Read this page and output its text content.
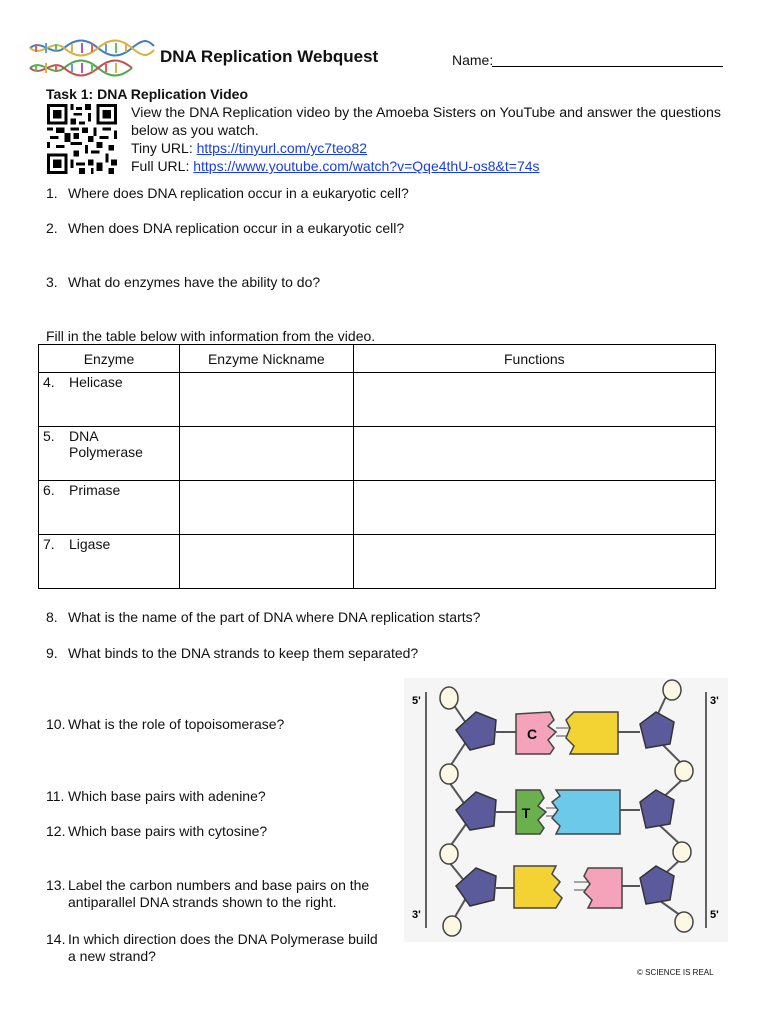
DNA Replication Webquest	Name:
Task 1: DNA Replication Video
View the DNA Replication video by the Amoeba Sisters on YouTube and answer the questions below as you watch.
Tiny URL: https://tinyurl.com/yc7teo82
Full URL: https://www.youtube.com/watch?v=Qqe4thU-os8&t=74s
1. Where does DNA replication occur in a eukaryotic cell?
2. When does DNA replication occur in a eukaryotic cell?
3. What do enzymes have the ability to do?
Fill in the table below with information from the video.
Enzyme	Enzyme Nickname	Functions

4. Helicase		

5. DNA Polymerase		

6. Primase		

7. Ligase		

8. What is the name of the part of DNA where DNA replication starts?
9. What binds to the DNA strands to keep them separated?
10. What is the role of topoisomerase?
11. Which base pairs with adenine?
12. Which base pairs with cytosine?
13. Label the carbon numbers and base pairs on the antiparallel DNA strands shown to the right.
14. In which direction does the DNA Polymerase build a new strand?
C
T
5'	3'
3'	5'
© SCIENCE IS REAL
